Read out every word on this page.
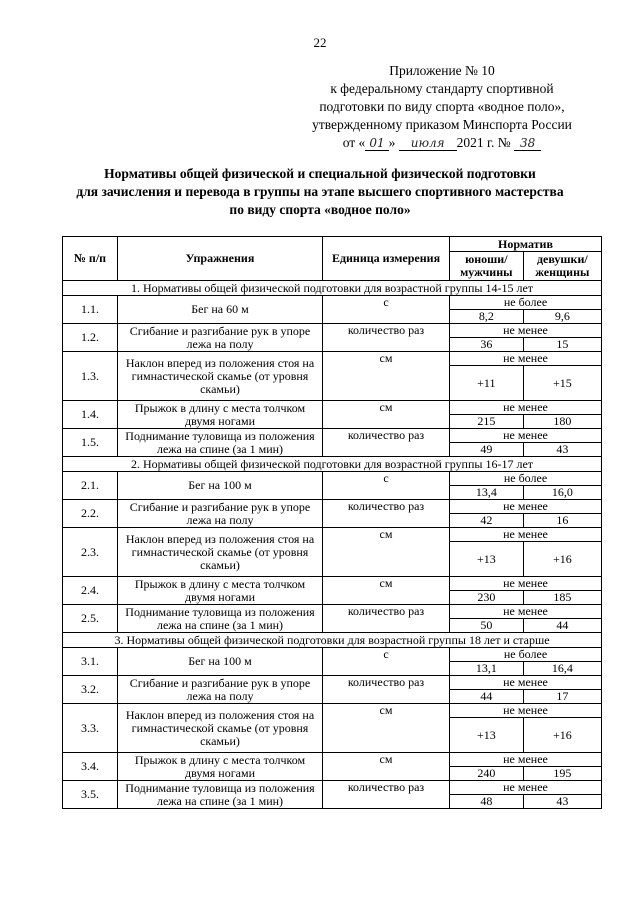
22
Приложение № 10
к федеральному стандарту спортивной
подготовки по виду спорта «водное поло»,
утвержденному приказом Минспорта России
от « 01 » июля 2021 г. № 38
Нормативы общей физической и специальной физической подготовки
для зачисления и перевода в группы на этапе высшего спортивного мастерства
по виду спорта «водное поло»
№ п/п	Упражнения	Единица измерения	Норматив	
			юноши/ мужчины	девушки/ женщины
1. Нормативы общей физической подготовки для возрастной группы 14-15 лет				
1.1.	Бег на 60 м	с	не более	
			8,2	9,6
1.2.	Сгибание и разгибание рук в упоре лежа на полу	количество раз	не менее	
			36	15
1.3.	Наклон вперед из положения стоя на гимнастической скамье (от уровня скамьи)	см	не менее	
			+11	+15
1.4.	Прыжок в длину с места толчком двумя ногами	см	не менее	
			215	180
1.5.	Поднимание туловища из положения лежа на спине (за 1 мин)	количество раз	не менее	
			49	43
2. Нормативы общей физической подготовки для возрастной группы 16-17 лет				
2.1.	Бег на 100 м	с	не более	
			13,4	16,0
2.2.	Сгибание и разгибание рук в упоре лежа на полу	количество раз	не менее	
			42	16
2.3.	Наклон вперед из положения стоя на гимнастической скамье (от уровня скамьи)	см	не менее	
			+13	+16
2.4.	Прыжок в длину с места толчком двумя ногами	см	не менее	
			230	185
2.5.	Поднимание туловища из положения лежа на спине (за 1 мин)	количество раз	не менее	
			50	44
3. Нормативы общей физической подготовки для возрастной группы 18 лет и старше				
3.1.	Бег на 100 м	с	не более	
			13,1	16,4
3.2.	Сгибание и разгибание рук в упоре лежа на полу	количество раз	не менее	
			44	17
3.3.	Наклон вперед из положения стоя на гимнастической скамье (от уровня скамьи)	см	не менее	
			+13	+16
3.4.	Прыжок в длину с места толчком двумя ногами	см	не менее	
			240	195
3.5.	Поднимание туловища из положения лежа на спине (за 1 мин)	количество раз	не менее	
			48	43
